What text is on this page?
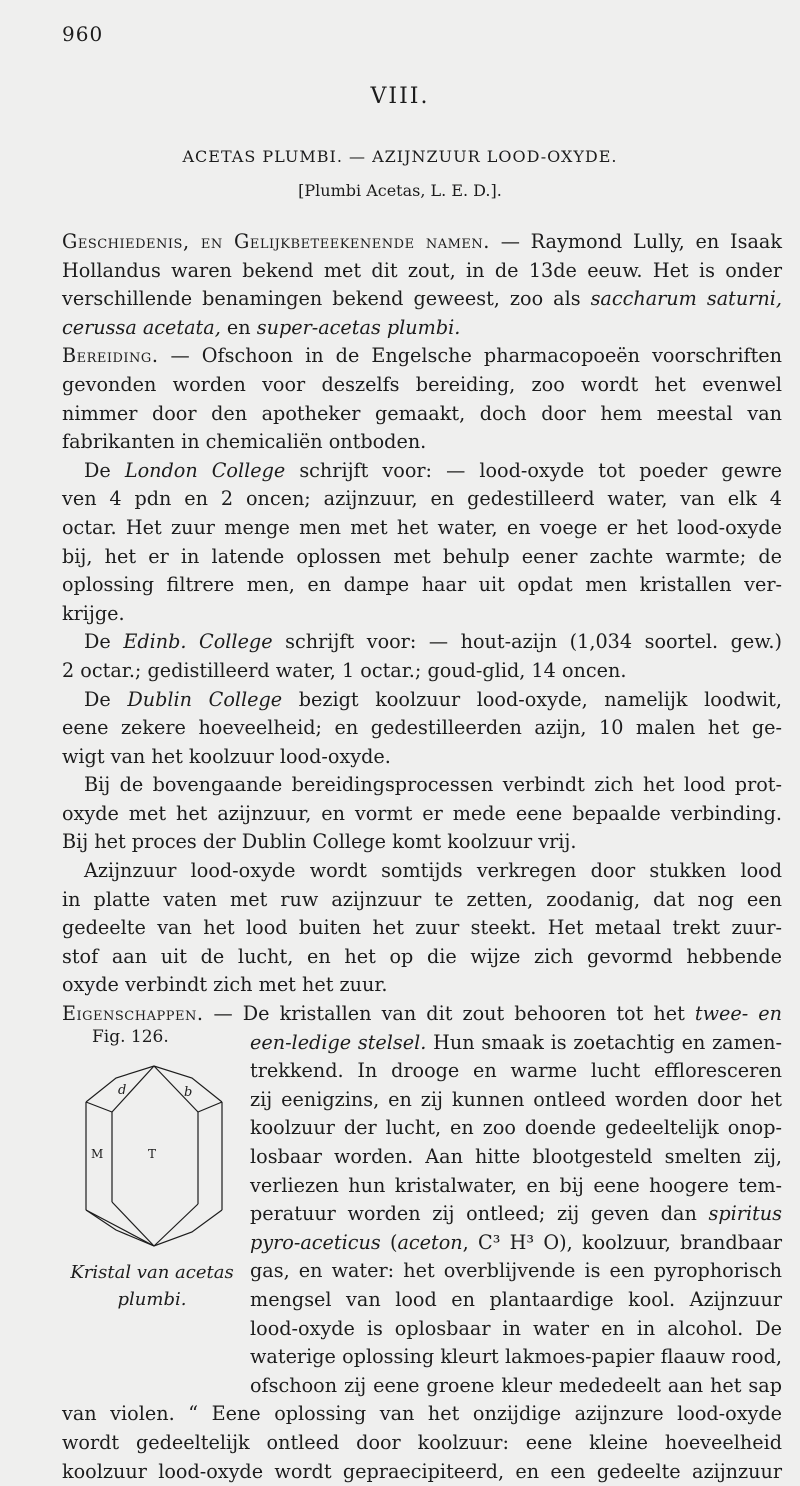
960
VIII.
ACETAS PLUMBI. — AZIJNZUUR LOOD-OXYDE.
[Plumbi Acetas, L. E. D.].
Geschiedenis, en Gelijkbeteekenende namen. — Raymond Lully, en Isaak
Hollandus waren bekend met dit zout, in de 13de eeuw. Het is onder
verschillende benamingen bekend geweest, zoo als saccharum saturni,
cerussa acetata, en super-acetas plumbi.
Bereiding. — Ofschoon in de Engelsche pharmacopoeën voorschriften
gevonden worden voor deszelfs bereiding, zoo wordt het evenwel
nimmer door den apotheker gemaakt, doch door hem meestal van
fabrikanten in chemicaliën ontboden.
De London College schrijft voor: — lood-oxyde tot poeder gewre
ven 4 pdn en 2 oncen; azijnzuur, en gedestilleerd water, van elk 4
octar. Het zuur menge men met het water, en voege er het lood-oxyde
bij, het er in latende oplossen met behulp eener zachte warmte; de
oplossing filtrere men, en dampe haar uit opdat men kristallen ver-
krijge.
De Edinb. College schrijft voor: — hout-azijn (1,034 soortel. gew.)
2 octar.; gedistilleerd water, 1 octar.; goud-glid, 14 oncen.
De Dublin College bezigt koolzuur lood-oxyde, namelijk loodwit,
eene zekere hoeveelheid; en gedestilleerden azijn, 10 malen het ge-
wigt van het koolzuur lood-oxyde.
Bij de bovengaande bereidingsprocessen verbindt zich het lood prot-
oxyde met het azijnzuur, en vormt er mede eene bepaalde verbinding.
Bij het proces der Dublin College komt koolzuur vrij.
Azijnzuur lood-oxyde wordt somtijds verkregen door stukken lood
in platte vaten met ruw azijnzuur te zetten, zoodanig, dat nog een
gedeelte van het lood buiten het zuur steekt. Het metaal trekt zuur-
stof aan uit de lucht, en het op die wijze zich gevormd hebbende
oxyde verbindt zich met het zuur.
Eigenschappen. — De kristallen van dit zout behooren tot het twee- en
een-ledige stelsel. Hun smaak is zoetachtig en zamen-
trekkend. In drooge en warme lucht effloresceren
zij eenigzins, en zij kunnen ontleed worden door het
koolzuur der lucht, en zoo doende gedeeltelijk onop-
losbaar worden. Aan hitte blootgesteld smelten zij,
verliezen hun kristalwater, en bij eene hoogere tem-
peratuur worden zij ontleed; zij geven dan spiritus
pyro-aceticus (aceton, C³ H³ O), koolzuur, brandbaar
gas, en water: het overblijvende is een pyrophorisch
mengsel van lood en plantaardige kool. Azijnzuur
lood-oxyde is oplosbaar in water en in alcohol. De
waterige oplossing kleurt lakmoes-papier flaauw rood,
ofschoon zij eene groene kleur mededeelt aan het sap
van violen. “ Eene oplossing van het onzijdige azijnzure lood-oxyde
wordt gedeeltelijk ontleed door koolzuur: eene kleine hoeveelheid
koolzuur lood-oxyde wordt gepraecipiteerd, en een gedeelte azijnzuur
Fig. 126.
d	b
M	T
Kristal van acetas
plumbi.
